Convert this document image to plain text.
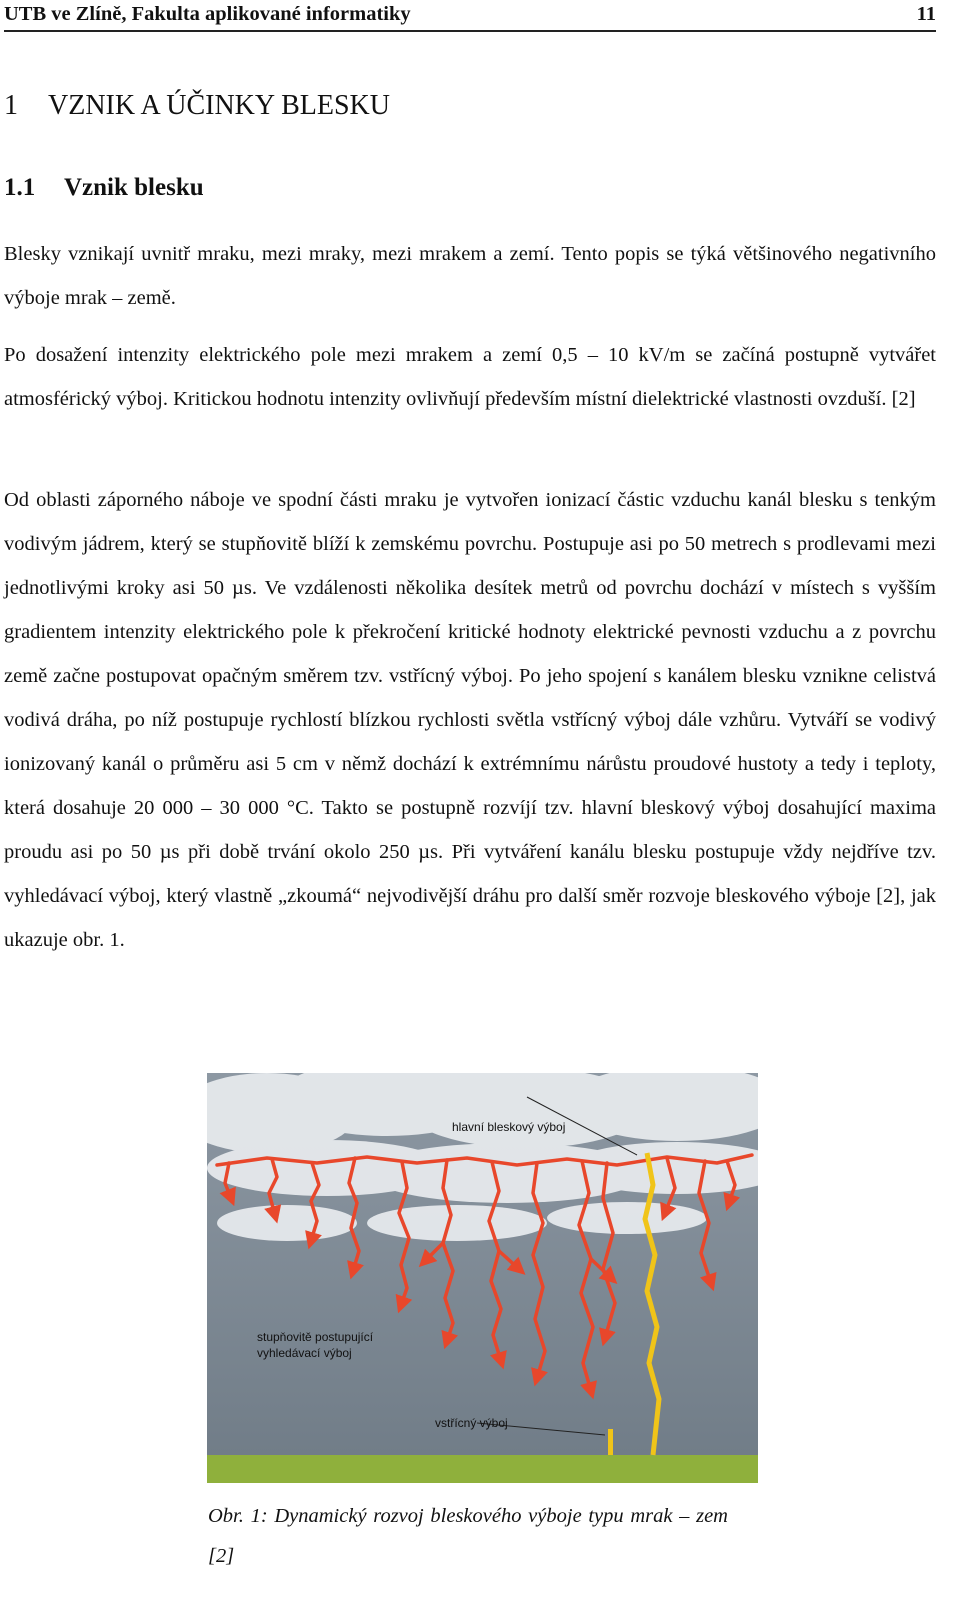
UTB ve Zlíně, Fakulta aplikované informatiky	11
1 VZNIK A ÚČINKY BLESKU
1.1 Vznik blesku

Blesky vznikají uvnitř mraku, mezi mraky, mezi mrakem a zemí. Tento popis se týká většinového negativního výboje mrak – země.

Po dosažení intenzity elektrického pole mezi mrakem a zemí 0,5 – 10 kV/m se začíná postupně vytvářet atmosférický výboj. Kritickou hodnotu intenzity ovlivňují především místní dielektrické vlastnosti ovzduší. [2]

Od oblasti záporného náboje ve spodní části mraku je vytvořen ionizací částic vzduchu kanál blesku s tenkým vodivým jádrem, který se stupňovitě blíží k zemskému povrchu. Postupuje asi po 50 metrech s prodlevami mezi jednotlivými kroky asi 50 µs. Ve vzdálenosti několika desítek metrů od povrchu dochází v místech s vyšším gradientem intenzity elektrického pole k překročení kritické hodnoty elektrické pevnosti vzduchu a z povrchu země začne postupovat opačným směrem tzv. vstřícný výboj. Po jeho spojení s kanálem blesku vznikne celistvá vodivá dráha, po níž postupuje rychlostí blízkou rychlosti světla vstřícný výboj dále vzhůru. Vytváří se vodivý ionizovaný kanál o průměru asi 5 cm v němž dochází k extrémnímu nárůstu proudové hustoty a tedy i teploty, která dosahuje 20 000 – 30 000 °C. Takto se postupně rozvíjí tzv. hlavní bleskový výboj dosahující maxima proudu asi po 50 µs při době trvání okolo 250 µs. Při vytváření kanálu blesku postupuje vždy nejdříve tzv. vyhledávací výboj, který vlastně „zkoumá“ nejvodivější dráhu pro další směr rozvoje bleskového výboje [2], jak ukazuje obr. 1.

hlavní bleskový výboj
stupňovitě postupující
vyhledávací výboj
vstřícný výboj
Obr. 1: Dynamický rozvoj bleskového výboje typu mrak – zem [2]
